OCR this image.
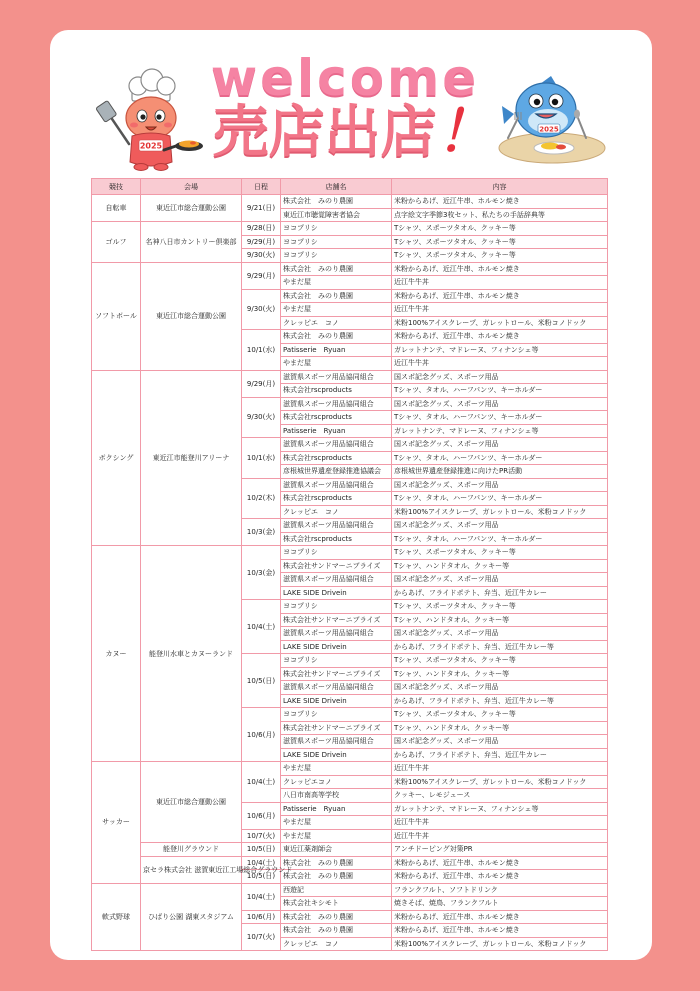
welcome
売店出店！
2025
2025
競技	会場	日程	店舗名	内容
自転車	東近江市総合運動公園	9/21(日)	株式会社　みのり農園	米粉からあげ、近江牛串、ホルモン焼き
			東近江市聴覚障害者協会	点字絵文字季節3枚セット、私たちの手話辞典等
ゴルフ	名神八日市カントリー倶楽部	9/28(日)	ヨコプリシ	Tシャツ、スポーツタオル、クッキー等
		9/29(月)	ヨコプリシ	Tシャツ、スポーツタオル、クッキー等
		9/30(火)	ヨコプリシ	Tシャツ、スポーツタオル、クッキー等
ソフトボール	東近江市総合運動公園	9/29(月)	株式会社　みのり農園	米粉からあげ、近江牛串、ホルモン焼き
			やまだ屋	近江牛牛丼
		9/30(火)	株式会社　みのり農園	米粉からあげ、近江牛串、ホルモン焼き
			やまだ屋	近江牛牛丼
			クレッピエ　コノ	米粉100%アイスクレープ、ガレットロール、米粉コノドック
		10/1(水)	株式会社　みのり農園	米粉からあげ、近江牛串、ホルモン焼き
			Patisserie　Ryuan	ガレットナンテ、マドレーヌ、フィナンシェ等
			やまだ屋	近江牛牛丼
ボクシング	東近江市能登川アリーナ	9/29(月)	滋賀県スポーツ用品協同組合	国スポ記念グッズ、スポーツ用品
			株式会社rscproducts	Tシャツ、タオル、ハーフパンツ、キーホルダー
		9/30(火)	滋賀県スポーツ用品協同組合	国スポ記念グッズ、スポーツ用品
			株式会社rscproducts	Tシャツ、タオル、ハーフパンツ、キーホルダー
			Patisserie　Ryuan	ガレットナンテ、マドレーヌ、フィナンシェ等
		10/1(水)	滋賀県スポーツ用品協同組合	国スポ記念グッズ、スポーツ用品
			株式会社rscproducts	Tシャツ、タオル、ハーフパンツ、キーホルダー
			彦根城世界遺産登録推進協議会	彦根城世界遺産登録推進に向けたPR活動
		10/2(木)	滋賀県スポーツ用品協同組合	国スポ記念グッズ、スポーツ用品
			株式会社rscproducts	Tシャツ、タオル、ハーフパンツ、キーホルダー
			クレッピエ　コノ	米粉100%アイスクレープ、ガレットロール、米粉コノドック
		10/3(金)	滋賀県スポーツ用品協同組合	国スポ記念グッズ、スポーツ用品
			株式会社rscproducts	Tシャツ、タオル、ハーフパンツ、キーホルダー
カヌー	能登川水車とカヌーランド	10/3(金)	ヨコプリシ	Tシャツ、スポーツタオル、クッキー等
			株式会社サンドマーニブライズ	Tシャツ、ハンドタオル、クッキー等
			滋賀県スポーツ用品協同組合	国スポ記念グッズ、スポーツ用品
			LAKE SIDE Drivein	からあげ、フライドポテト、弁当、近江牛カレー
		10/4(土)	ヨコプリシ	Tシャツ、スポーツタオル、クッキー等
			株式会社サンドマーニブライズ	Tシャツ、ハンドタオル、クッキー等
			滋賀県スポーツ用品協同組合	国スポ記念グッズ、スポーツ用品
			LAKE SIDE Drivein	からあげ、フライドポテト、弁当、近江牛カレー等
		10/5(日)	ヨコプリシ	Tシャツ、スポーツタオル、クッキー等
			株式会社サンドマーニブライズ	Tシャツ、ハンドタオル、クッキー等
			滋賀県スポーツ用品協同組合	国スポ記念グッズ、スポーツ用品
			LAKE SIDE Drivein	からあげ、フライドポテト、弁当、近江牛カレー等
		10/6(月)	ヨコプリシ	Tシャツ、スポーツタオル、クッキー等
			株式会社サンドマーニブライズ	Tシャツ、ハンドタオル、クッキー等
			滋賀県スポーツ用品協同組合	国スポ記念グッズ、スポーツ用品
			LAKE SIDE Drivein	からあげ、フライドポテト、弁当、近江牛カレー
サッカー	東近江市総合運動公園	10/4(土)	やまだ屋	近江牛牛丼
			クレッピエコノ	米粉100%アイスクレープ、ガレットロール、米粉コノドック
			八日市南高等学校	クッキー、レモジュース
		10/6(月)	Patisserie　Ryuan	ガレットナンテ、マドレーヌ、フィナンシェ等
			やまだ屋	近江牛牛丼
		10/7(火)	やまだ屋	近江牛牛丼
	能登川グラウンド	10/5(日)	東近江薬剤師会	アンチドーピング対策PR
	京セラ株式会社 滋賀東近江工場総合グラウンド	10/4(土)	株式会社　みのり農園	米粉からあげ、近江牛串、ホルモン焼き
		10/5(日)	株式会社　みのり農園	米粉からあげ、近江牛串、ホルモン焼き
軟式野球	ひばり公園 湖東スタジアム	10/4(土)	西遊記	フランクフルト、ソフトドリンク
			株式会社キシモト	焼きそば、焼鳥、フランクフルト
		10/6(月)	株式会社　みのり農園	米粉からあげ、近江牛串、ホルモン焼き
		10/7(火)	株式会社　みのり農園	米粉からあげ、近江牛串、ホルモン焼き
			クレッピエ　コノ	米粉100%アイスクレープ、ガレットロール、米粉コノドック
